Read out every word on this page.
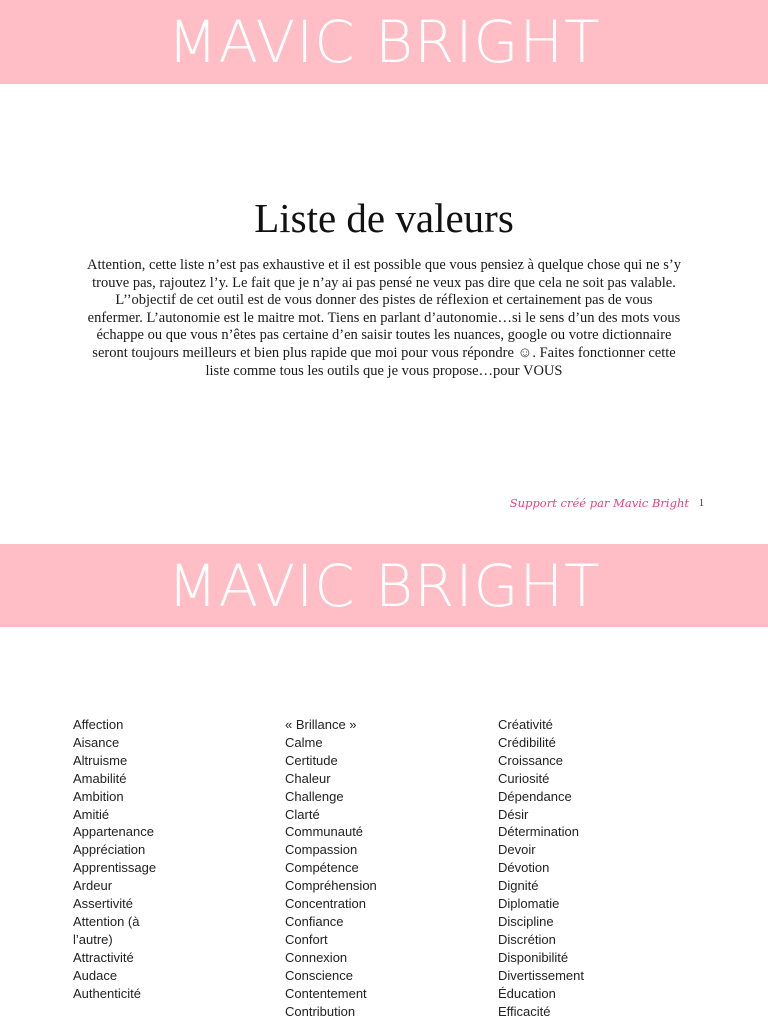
MAVIC BRIGHT
Liste de valeurs
Attention, cette liste n’est pas exhaustive et il est possible que vous pensiez à quelque chose qui ne s’y
trouve pas, rajoutez l’y. Le fait que je n’ay ai pas pensé ne veux pas dire que cela ne soit pas valable.
L’’objectif de cet outil est de vous donner des pistes de réflexion et certainement pas de vous
enfermer. L’autonomie est le maitre mot. Tiens en parlant d’autonomie…si le sens d’un des mots vous
échappe ou que vous n’êtes pas certaine d’en saisir toutes les nuances, google ou votre dictionnaire
seront toujours meilleurs et bien plus rapide que moi pour vous répondre ☺. Faites fonctionner cette
liste comme tous les outils que je vous propose…pour VOUS
Support créé par Mavic Bright 1
MAVIC BRIGHT
Affection
Aisance
Altruisme
Amabilité
Ambition
Amitié
Appartenance
Appréciation
Apprentissage
Ardeur
Assertivité
Attention (à
l’autre)
Attractivité
Audace
Authenticité
« Brillance »
Calme
Certitude
Chaleur
Challenge
Clarté
Communauté
Compassion
Compétence
Compréhension
Concentration
Confiance
Confort
Connexion
Conscience
Contentement
Contribution
Créativité
Crédibilité
Croissance
Curiosité
Dépendance
Désir
Détermination
Devoir
Dévotion
Dignité
Diplomatie
Discipline
Discrétion
Disponibilité
Divertissement
Éducation
Efficacité
